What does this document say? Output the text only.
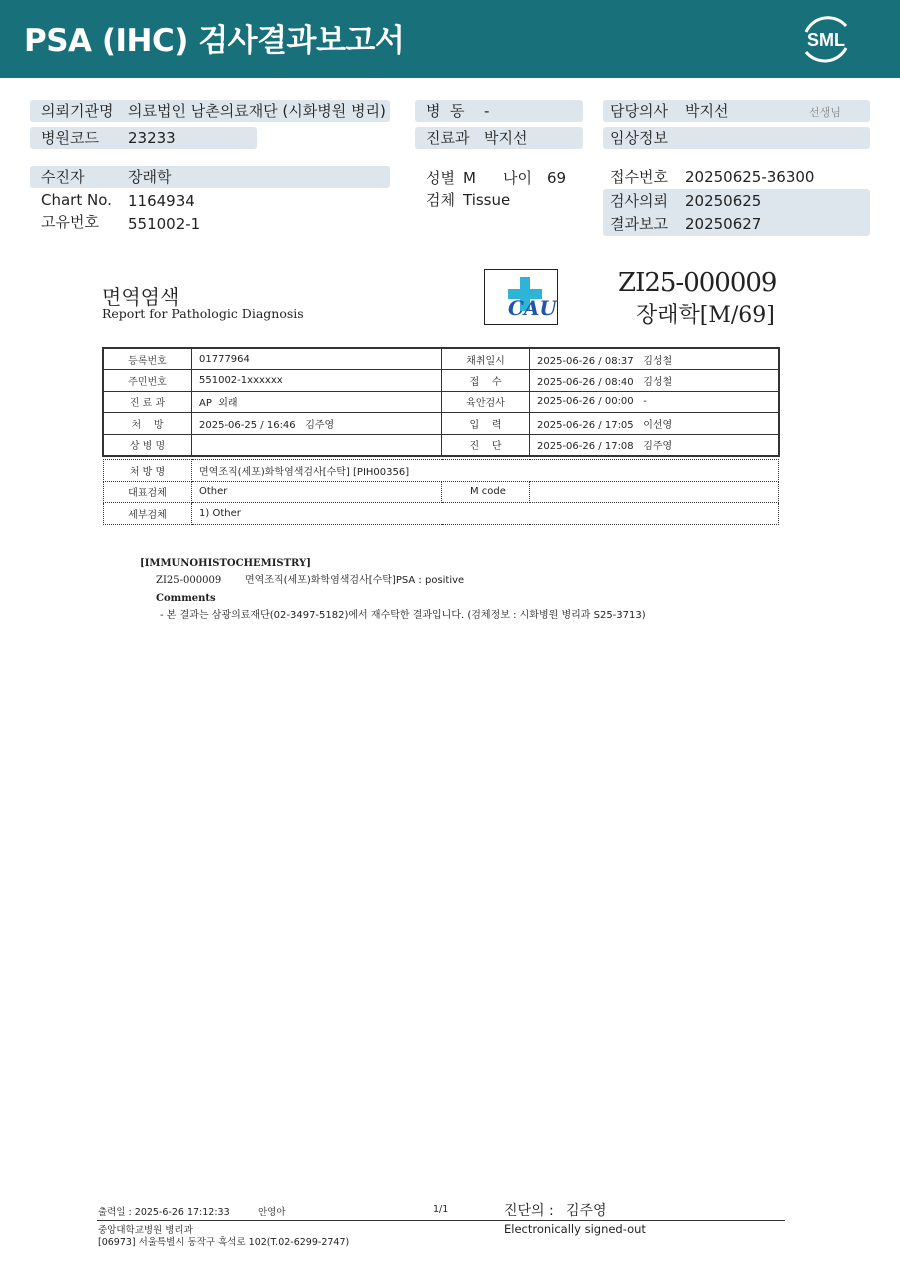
PSA (IHC) 검사결과보고서	SML
의뢰기관명 의료법인 남촌의료재단 (시화병원 병리)	병  동 -	담당의사 박지선	선생님
병원코드 23233	진료과 박지선	임상정보
수진자	장래학	성별 M 나이 69	접수번호 20250625-36300
Chart No. 1164934	검체 Tissue	검사의뢰 20250625
고유번호 551002-1	결과보고 20250627
면역염색
Report for Pathologic Diagnosis	CAU
ZI25-000009
장래학[M/69]
등록번호	01777964	채취일시	2025-06-26 / 08:37   김성철
주민번호	551002-1xxxxxx	접    수	2025-06-26 / 08:40   김성철
진 료 과	AP  외래	육안검사	2025-06-26 / 00:00   -
처    방	2025-06-25 / 16:46   김주영	입    력	2025-06-26 / 17:05   이선영
상 병 명		진    단	2025-06-26 / 17:08   김주영
처 방 명	면역조직(세포)화학염색검사[수탁] [PIH00356]		
대표검체	Other	M code	
세부검체	1) Other		
[IMMUNOHISTOCHEMISTRY]
ZI25-000009 면역조직(세포)화학염색검사[수탁]PSA : positive
Comments
- 본 결과는 삼광의료재단(02-3497-5182)에서 재수탁한 결과입니다. (검체정보 : 시화병원 병리과 S25-3713)
출력일 : 2025-6-26 17:12:33	안영아	1/1	진단의 : 김주영
Electronically signed-out
중앙대학교병원 병리과
[06973] 서울특별시 동작구 흑석로 102(T.02-6299-2747)
